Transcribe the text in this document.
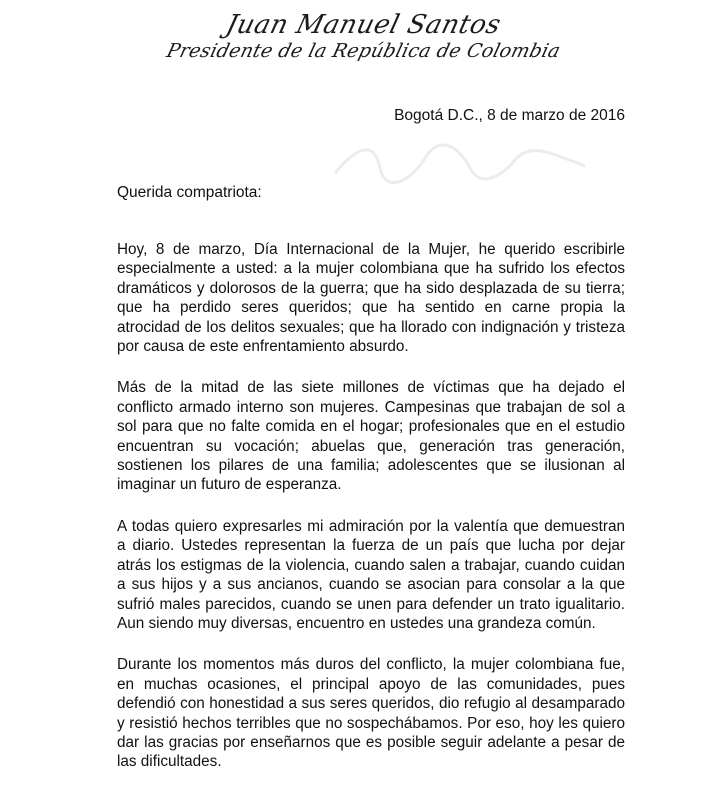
Juan Manuel Santos
Presidente de la República de Colombia
Bogotá D.C., 8 de marzo de 2016
Querida compatriota:

Hoy, 8 de marzo, Día Internacional de la Mujer, he querido escribirle especialmente a usted: a la mujer colombiana que ha sufrido los efectos dramáticos y dolorosos de la guerra; que ha sido desplazada de su tierra; que ha perdido seres queridos; que ha sentido en carne propia la atrocidad de los delitos sexuales; que ha llorado con indignación y tristeza por causa de este enfrentamiento absurdo.

Más de la mitad de las siete millones de víctimas que ha dejado el conflicto armado interno son mujeres. Campesinas que trabajan de sol a sol para que no falte comida en el hogar; profesionales que en el estudio encuentran su vocación; abuelas que, generación tras generación, sostienen los pilares de una familia; adolescentes que se ilusionan al imaginar un futuro de esperanza.

A todas quiero expresarles mi admiración por la valentía que demuestran a diario. Ustedes representan la fuerza de un país que lucha por dejar atrás los estigmas de la violencia, cuando salen a trabajar, cuando cuidan a sus hijos y a sus ancianos, cuando se asocian para consolar a la que sufrió males parecidos, cuando se unen para defender un trato igualitario. Aun siendo muy diversas, encuentro en ustedes una grandeza común.

Durante los momentos más duros del conflicto, la mujer colombiana fue, en muchas ocasiones, el principal apoyo de las comunidades, pues defendió con honestidad a sus seres queridos, dio refugio al desamparado y resistió hechos terribles que no sospechábamos. Por eso, hoy les quiero dar las gracias por enseñarnos que es posible seguir adelante a pesar de las dificultades.
